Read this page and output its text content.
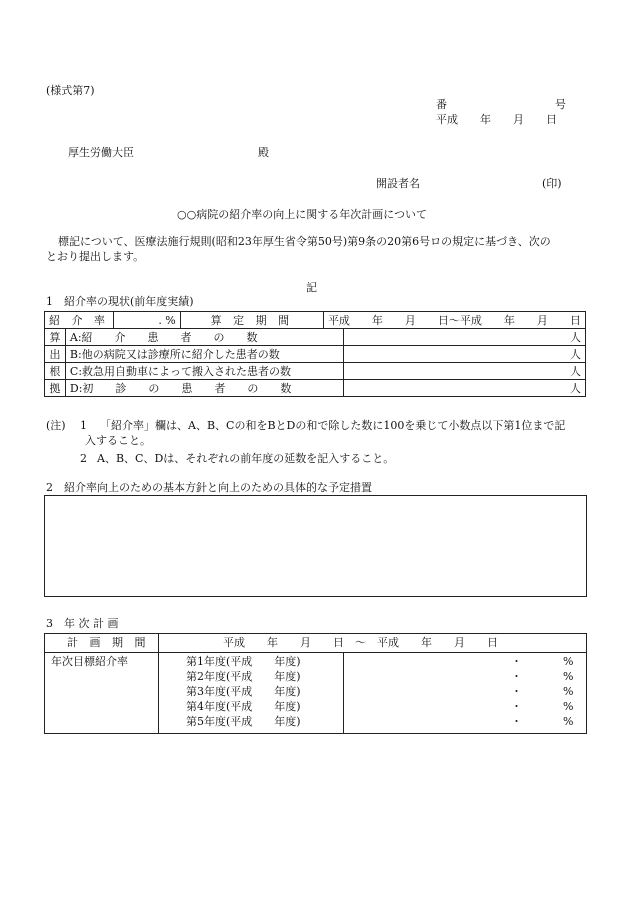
(様式第7)
番	号
平成　　年　　月　　日
厚生労働大臣	殿
開設者名	(印)
○○病院の紹介率の向上に関する年次計画について
標記について、医療法施行規則(昭和23年厚生省令第50号)第9条の20第6号ロの規定に基づき、次の
とおり提出します。
記
1　紹介率の現状(前年度実績)
紹 介 率		. %	算 定 期 間	平成　　年　　月　　日〜平成　　年　　月　　日	
算	A:紹　　介　　患　　者　　の　　数				人
出	B:他の病院又は診療所に紹介した患者の数				人
根	C:救急用自動車によって搬入された患者の数				人
拠	D:初　　診　　の　　患　　者　　の　　数				人
(注) 1 「紹介率」欄は、A、B、Cの和をBとDの和で除した数に100を乗じて小数点以下第1位まで記
入すること。
2 A、B、C、Dは、それぞれの前年度の延数を記入すること。
2　紹介率向上のための基本方針と向上のための具体的な予定措置
3　年 次 計 画
計 画 期 間	平成　　年　　月　　日　〜　平成　　年　　月　　日
年次目標紹介率	第1年度(平成　　年度)	・	%
第2年度(平成　　年度)	・	%
第3年度(平成　　年度)	・	%
第4年度(平成　　年度)	・	%
第5年度(平成　　年度)	・	%
